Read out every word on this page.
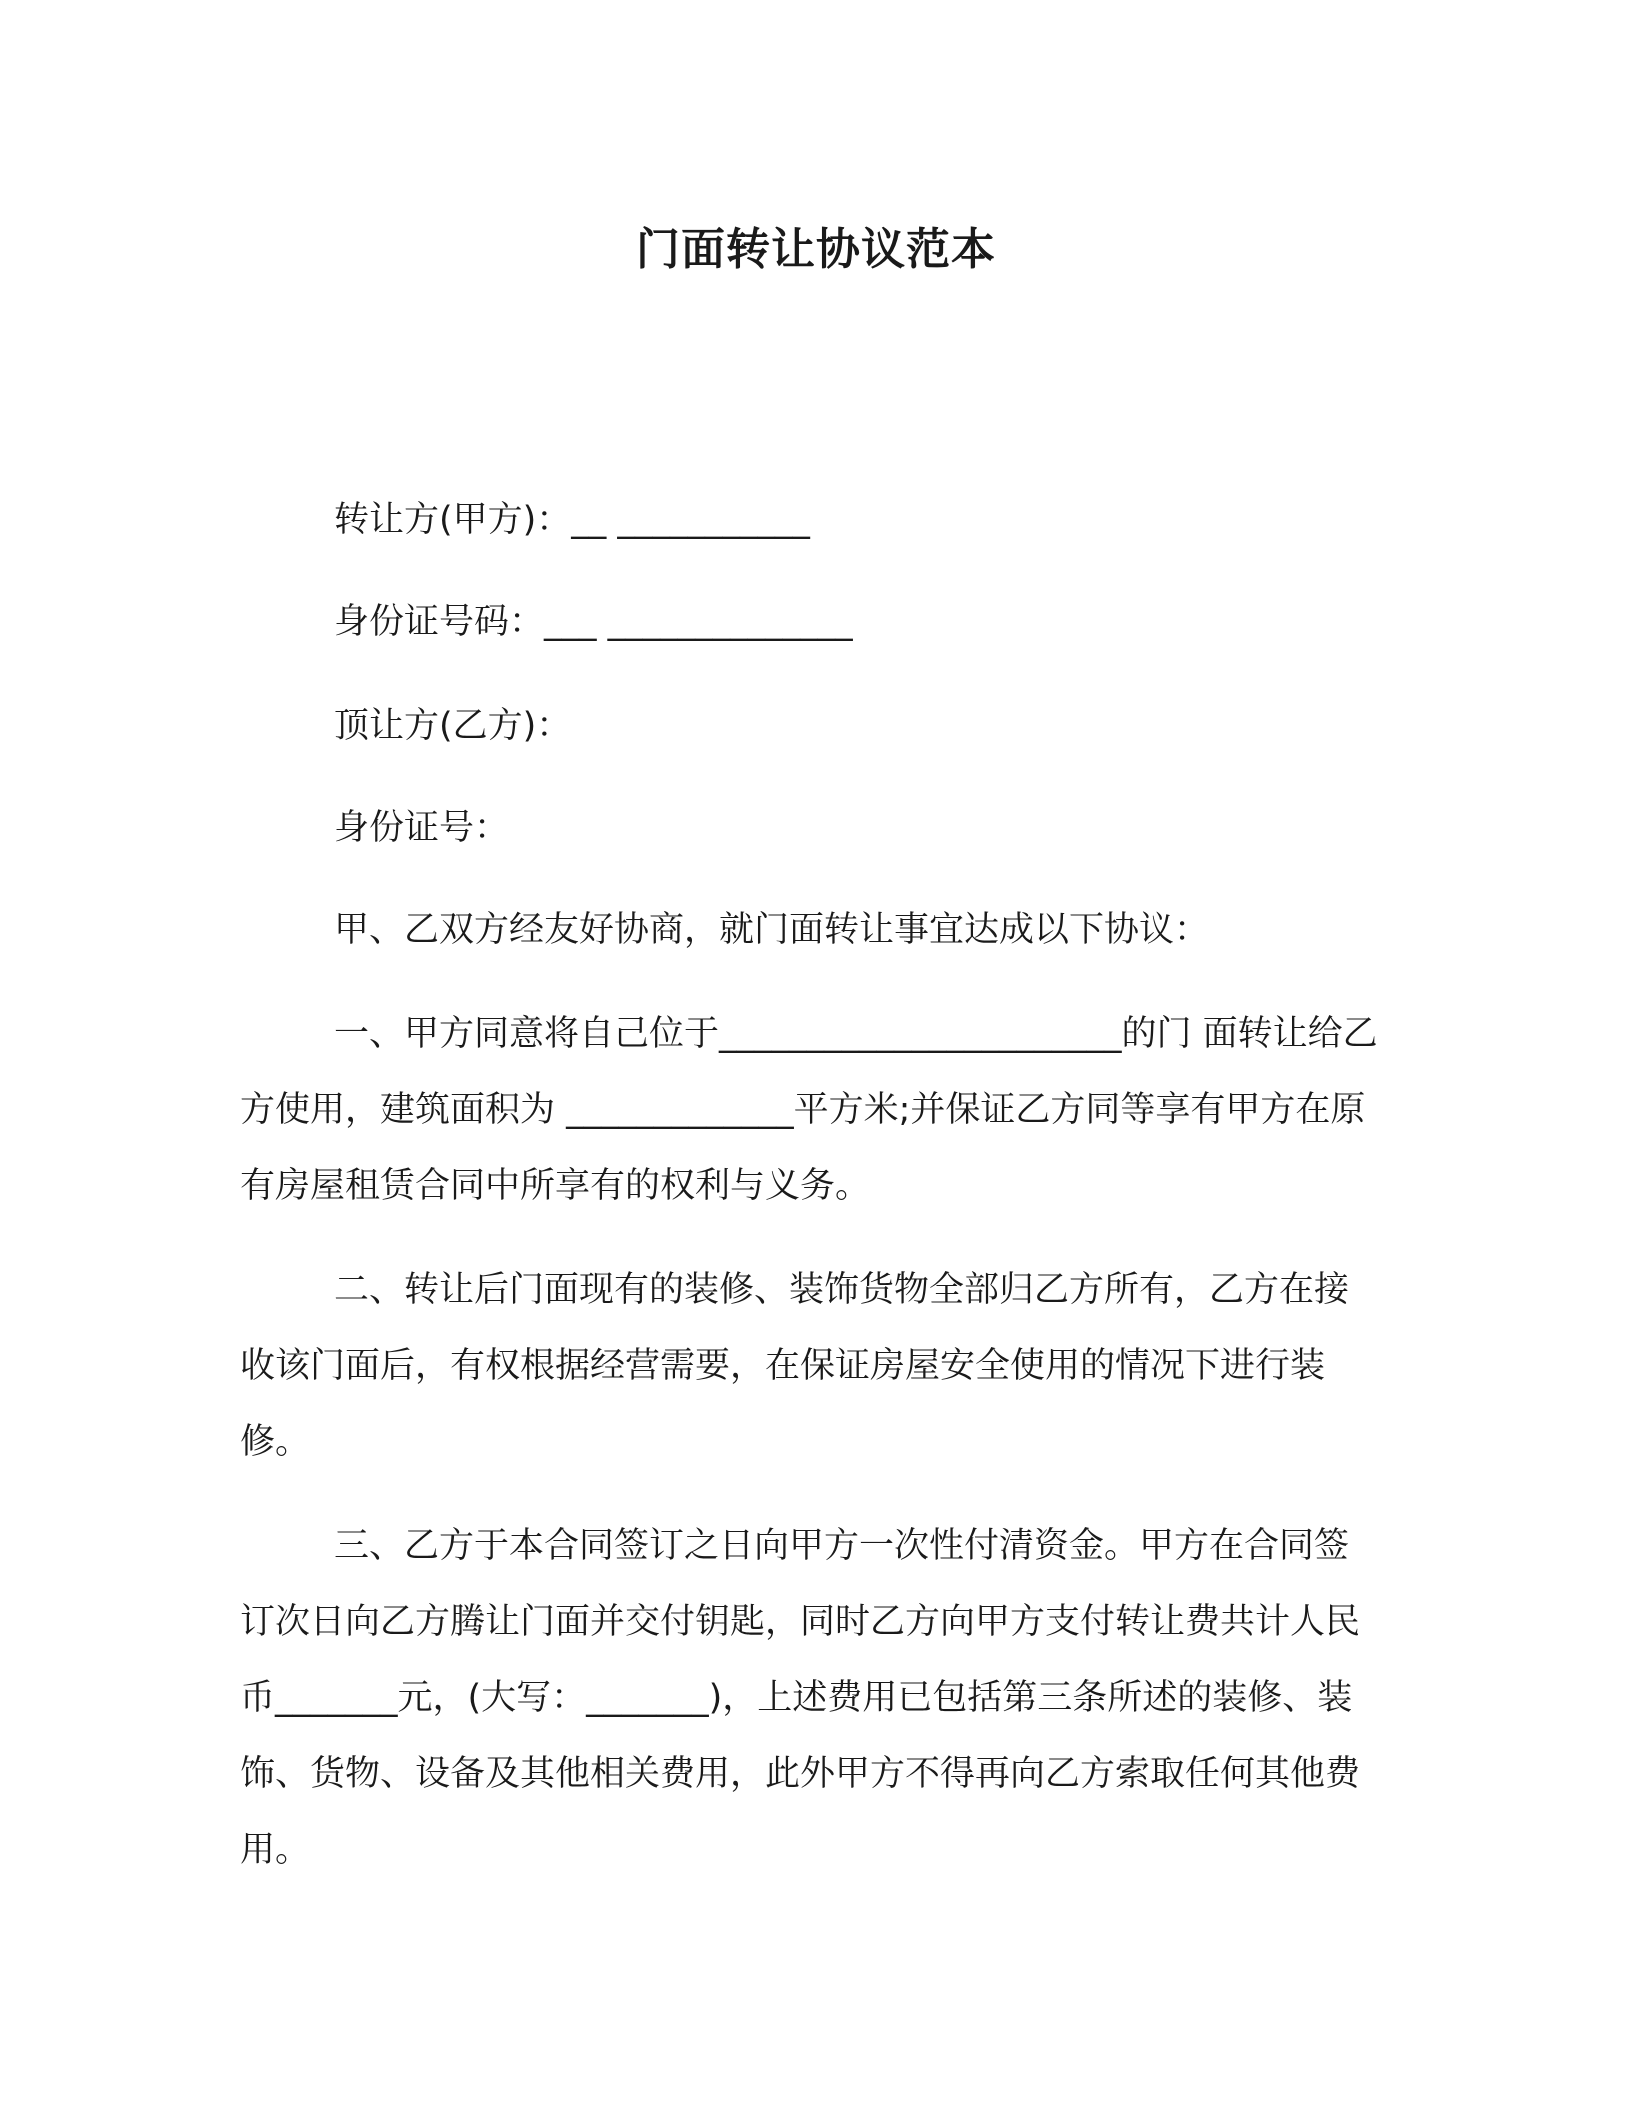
门面转让协议范本

转让方(甲方)：__ ___________

身份证号码：___ ______________

顶让方(乙方)：

身份证号：

甲、乙双方经友好协商，就门面转让事宜达成以下协议：

一、甲方同意将自己位于_______________________的门 面转让给乙方使用，建筑面积为 _____________平方米;并保证乙方同等享有甲方在原有房屋租赁合同中所享有的权利与义务。

二、转让后门面现有的装修、装饰货物全部归乙方所有，乙方在接收该门面后，有权根据经营需要，在保证房屋安全使用的情况下进行装修。

三、乙方于本合同签订之日向甲方一次性付清资金。甲方在合同签订次日向乙方腾让门面并交付钥匙，同时乙方向甲方支付转让费共计人民币_______元，(大写：_______)，上述费用已包括第三条所述的装修、装饰、货物、设备及其他相关费用，此外甲方不得再向乙方索取任何其他费用。
